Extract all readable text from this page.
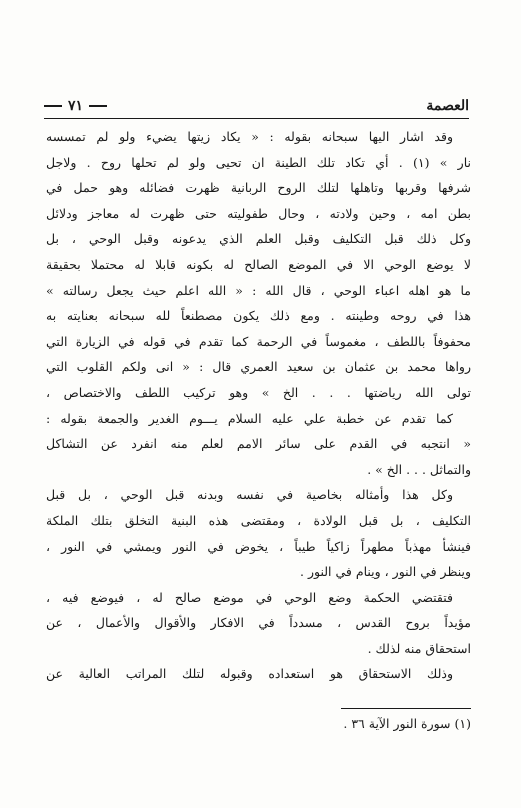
العصمة
٧١
وقد اشار اليها سبحانه بقوله : « يكاد زيتها يضيء ولو لم تمسسه
نار » (١) . أي تكاد تلك الطينة ان تحيى ولو لم تحلها روح . ولاجل
شرفها وقربها وتاهلها لتلك الروح الربانية ظهرت فضائله وهو حمل في
بطن امه ، وحين ولادته ، وحال طفوليته حتى ظهرت له معاجز ودلائل
وكل ذلك قبل التكليف وقبل العلم الذي يدعونه وقبل الوحي ، بل
لا يوضع الوحي الا في الموضع الصالح له بكونه قابلا له محتملا بحقيقة
ما هو اهله اعباء الوحي ، قال الله : « الله اعلم حيث يجعل رسالته »
هذا في روحه وطينته . ومع ذلك يكون مصطنعاً لله سبحانه بعنايته به
محفوفاً باللطف ، مغموساً في الرحمة كما تقدم في قوله في الزيارة التي
رواها محمد بن عثمان بن سعيد العمري قال : « انى ولكم القلوب التي
تولى الله رياضتها . . . الخ » وهو تركيب اللطف والاختصاص ،
كما تقدم عن خطبة علي عليه السلام يـــوم الغدير والجمعة بقوله :
« انتجبه في القدم على سائر الامم لعلم منه انفرد عن التشاكل
والتماثل . . . الخ » .
وكل هذا وأمثاله بخاصية في نفسه وبدنه قبل الوحي ، بل قبل
التكليف ، بل قبل الولادة ، ومقتضى هذه البنية التخلق بتلك الملكة
فينشأ مهذباً مطهراً زاكياً طيباً ، يخوض في النور ويمشي في النور ،
وينظر في النور ، وينام في النور .
فتقتضي الحكمة وضع الوحي في موضع صالح له ، فيوضع فيه ،
مؤيداً بروح القدس ، مسدداً في الافكار والأقوال والأعمال ، عن
استحقاق منه لذلك .
وذلك الاستحقاق هو استعداده وقبوله لتلك المراتب العالية عن
(١) سورة النور الآية ٣٦ .
